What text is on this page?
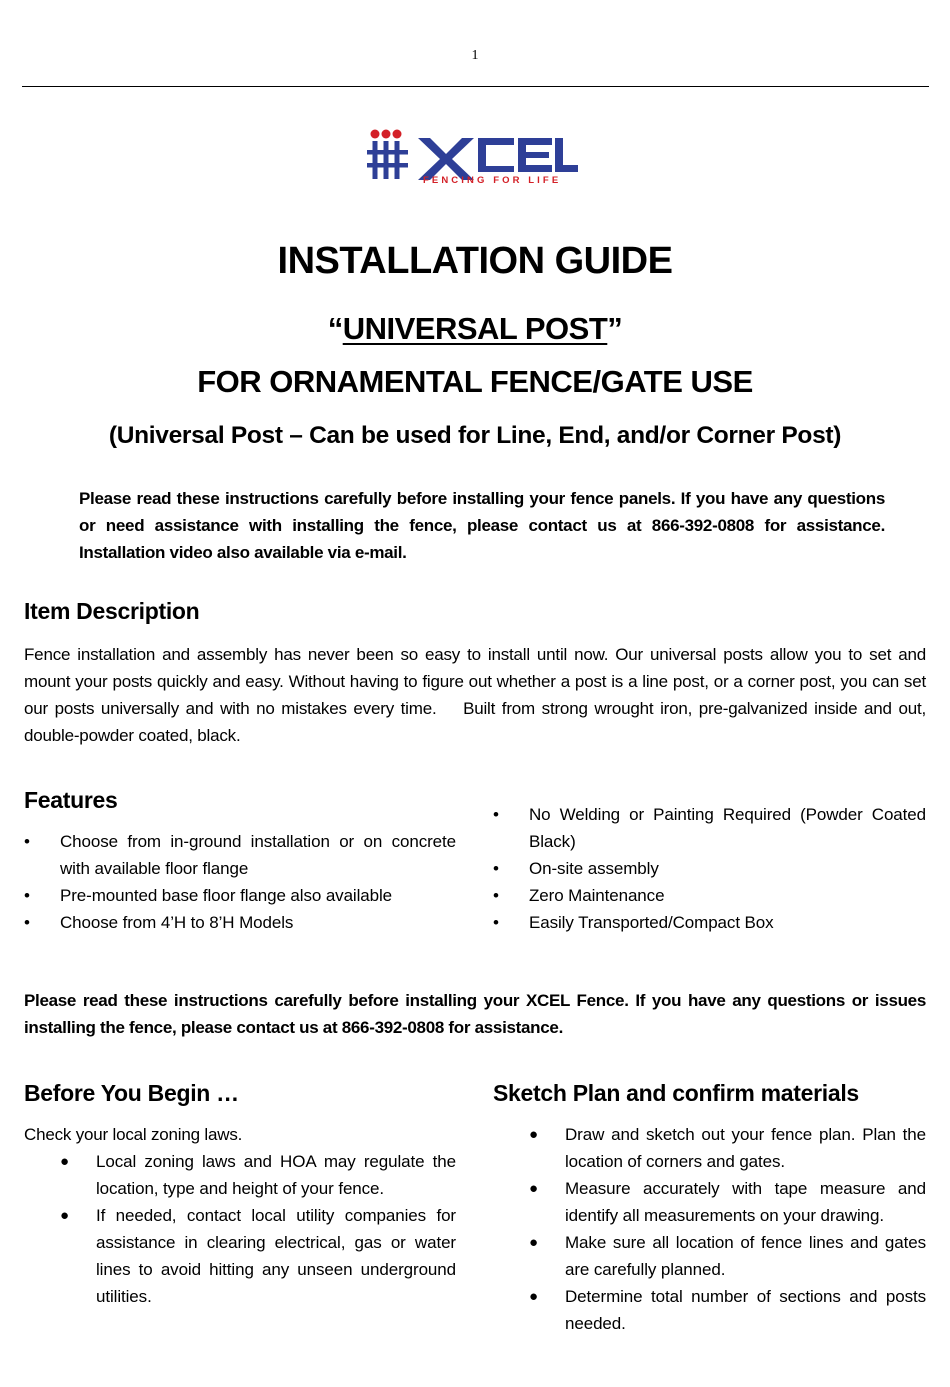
1
FENCING FOR LIFE
INSTALLATION GUIDE
“UNIVERSAL POST”
FOR ORNAMENTAL FENCE/GATE USE
(Universal Post – Can be used for Line, End, and/or Corner Post)

Please read these instructions carefully before installing your fence panels. If you have any questions or need assistance with installing the fence, please contact us at 866-392-0808 for assistance. Installation video also available via e-mail.

Item Description

Fence installation and assembly has never been so easy to install until now. Our universal posts allow you to set and mount your posts quickly and easy. Without having to figure out whether a post is a line post, or a corner post, you can set our posts universally and with no mistakes every time.    Built from strong wrought iron, pre-galvanized inside and out, double-powder coated, black.

Features
•	Choose from in-ground installation or on concrete with available floor flange
•	Pre-mounted base floor flange also available
•	Choose from 4’H to 8’H Models
•	No Welding or Painting Required (Powder Coated Black)
•	On-site assembly
•	Zero Maintenance
•	Easily Transported/Compact Box

Please read these instructions carefully before installing your XCEL Fence. If you have any questions or issues installing the fence, please contact us at 866-392-0808 for assistance.

Before You Begin …

Check your local zoning laws.

●	Local zoning laws and HOA may regulate the location, type and height of your fence.
●	If needed, contact local utility companies for assistance in clearing electrical, gas or water lines to avoid hitting any unseen underground utilities.
Sketch Plan and confirm materials
●	Draw and sketch out your fence plan. Plan the location of corners and gates.
●	Measure accurately with tape measure and identify all measurements on your drawing.
●	Make sure all location of fence lines and gates are carefully planned.
●	Determine total number of sections and posts needed.
